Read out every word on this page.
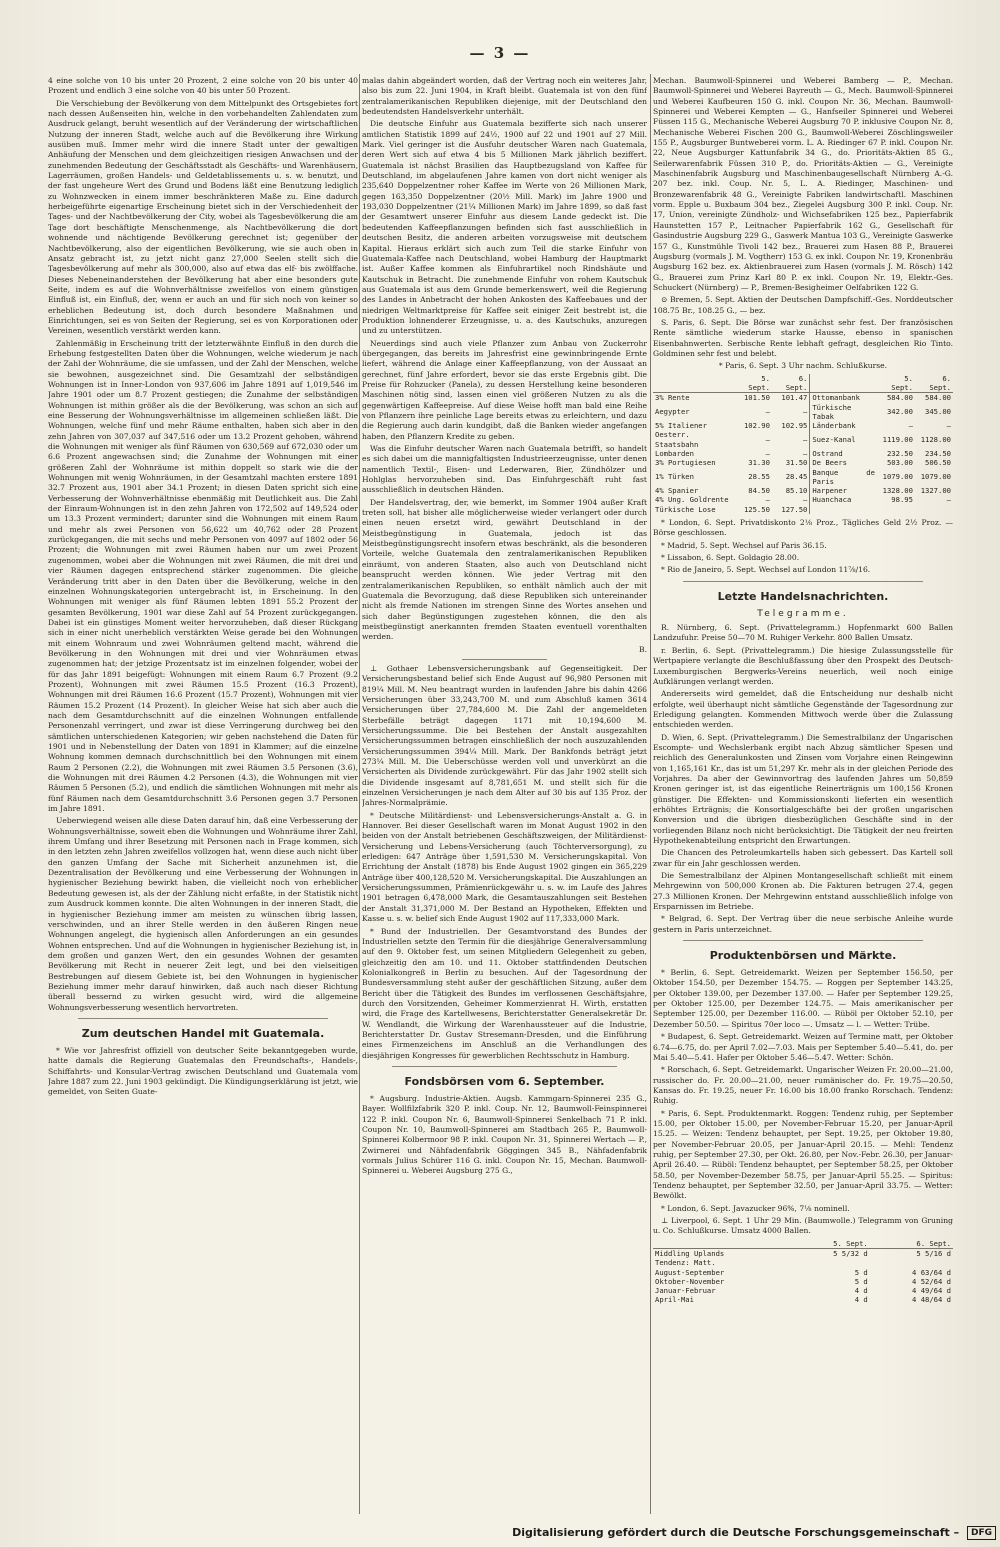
— 3 —

4 eine solche von 10 bis unter 20 Prozent, 2 eine solche von 20 bis unter 40 Prozent und endlich 3 eine solche von 40 bis unter 50 Prozent.

Die Verschiebung der Bevölkerung von dem Mittelpunkt des Ortsgebietes fort nach dessen Außenseiten hin, welche in den vorbehandelten Zahlendaten zum Ausdruck gelangt, beruht wesentlich auf der Veränderung der wirtschaftlichen Nutzung der inneren Stadt, welche auch auf die Bevölkerung ihre Wirkung ausüben muß. Immer mehr wird die innere Stadt unter der gewaltigen Anhäufung der Menschen und dem gleichzeitigen riesigen Anwachsen und der zunehmenden Bedeutung der Geschäftsstadt als Geschäfts- und Warenhäusern, Lagerräumen, großen Handels- und Geldetablissements u. s. w. benutzt, und der fast ungeheure Wert des Grund und Bodens läßt eine Benutzung lediglich zu Wohnzwecken in einem immer beschränkteren Maße zu. Eine dadurch herbeigeführte eigenartige Erscheinung bietet sich in der Verschiedenheit der Tages- und der Nachtbevölkerung der City, wobei als Tagesbevölkerung die am Tage dort beschäftigte Menschenmenge, als Nachtbevölkerung die dort wohnende und nächtigende Bevölkerung gerechnet ist; gegenüber der Nachtbevölkerung, also der eigentlichen Bevölkerung, wie sie auch oben in Ansatz gebracht ist, zu jetzt nicht ganz 27,000 Seelen stellt sich die Tagesbevölkerung auf mehr als 300,000, also auf etwa das elf- bis zwölffache. Dieses Nebeneinanderstehen der Bevölkerung hat aber eine besonders gute Seite, indem es auf die Wohnverhältnisse zweifellos von einem günstigen Einfluß ist, ein Einfluß, der, wenn er auch an und für sich noch von keiner so erheblichen Bedeutung ist, doch durch besondere Maßnahmen und Einrichtungen, sei es von Seiten der Regierung, sei es von Korporationen oder Vereinen, wesentlich verstärkt werden kann.

Zahlenmäßig in Erscheinung tritt der letzterwähnte Einfluß in den durch die Erhebung festgestellten Daten über die Wohnungen, welche wiederum je nach der Zahl der Wohnräume, die sie umfassen, und der Zahl der Menschen, welche sie bewohnen, ausgezeichnet sind. Die Gesamtzahl der selbständigen Wohnungen ist in Inner-London von 937,606 im Jahre 1891 auf 1,019,546 im Jahre 1901 oder um 8.7 Prozent gestiegen; die Zunahme der selbständigen Wohnungen ist mithin größer als die der Bevölkerung, was schon an sich auf eine Besserung der Wohnungsverhältnisse im allgemeinen schließen läßt. Die Wohnungen, welche fünf und mehr Räume enthalten, haben sich aber in den zehn Jahren von 307,037 auf 347,516 oder um 13.2 Prozent gehoben, während die Wohnungen mit weniger als fünf Räumen von 630,569 auf 672,030 oder um 6.6 Prozent angewachsen sind; die Zunahme der Wohnungen mit einer größeren Zahl der Wohnräume ist mithin doppelt so stark wie die der Wohnungen mit wenig Wohnräumen, in der Gesamtzahl machten erstere 1891 32.7 Prozent aus, 1901 aber 34.1 Prozent; in diesen Daten spricht sich eine Verbesserung der Wohnverhältnisse ebenmäßig mit Deutlichkeit aus. Die Zahl der Einraum-Wohnungen ist in den zehn Jahren von 172,502 auf 149,524 oder um 13.3 Prozent vermindert; darunter sind die Wohnungen mit einem Raum und mehr als zwei Personen von 56,622 um 40,762 oder 28 Prozent zurückgegangen, die mit sechs und mehr Personen von 4097 auf 1802 oder 56 Prozent; die Wohnungen mit zwei Räumen haben nur um zwei Prozent zugenommen, wobei aber die Wohnungen mit zwei Räumen, die mit drei und vier Räumen dagegen entsprechend stärker zugenommen. Die gleiche Veränderung tritt aber in den Daten über die Bevölkerung, welche in den einzelnen Wohnungskategorien untergebracht ist, in Erscheinung. In den Wohnungen mit weniger als fünf Räumen lebten 1891 55.2 Prozent der gesamten Bevölkerung, 1901 war diese Zahl auf 54 Prozent zurückgegangen. Dabei ist ein günstiges Moment weiter hervorzuheben, daß dieser Rückgang sich in einer nicht unerheblich verstärkten Weise gerade bei den Wohnungen mit einem Wohnraum und zwei Wohnräumen geltend macht, während die Bevölkerung in den Wohnungen mit drei und vier Wohnräumen etwas zugenommen hat; der jetzige Prozentsatz ist im einzelnen folgender, wobei der für das Jahr 1891 beigefügt: Wohnungen mit einem Raum 6.7 Prozent (9.2 Prozent), Wohnungen mit zwei Räumen 15.5 Prozent (16.3 Prozent), Wohnungen mit drei Räumen 16.6 Prozent (15.7 Prozent), Wohnungen mit vier Räumen 15.2 Prozent (14 Prozent). In gleicher Weise hat sich aber auch die nach dem Gesamtdurchschnitt auf die einzelnen Wohnungen entfallende Personenzahl verringert, und zwar ist diese Verringerung durchweg bei den sämtlichen unterschiedenen Kategorien; wir geben nachstehend die Daten für 1901 und in Nebenstellung der Daten von 1891 in Klammer; auf die einzelne Wohnung kommen demnach durchschnittlich bei den Wohnungen mit einem Raum 2 Personen (2.2), die Wohnungen mit zwei Räumen 3.5 Personen (3.6), die Wohnungen mit drei Räumen 4.2 Personen (4.3), die Wohnungen mit vier Räumen 5 Personen (5.2), und endlich die sämtlichen Wohnungen mit mehr als fünf Räumen nach dem Gesamtdurchschnitt 3.6 Personen gegen 3.7 Personen im Jahre 1891.

Ueberwiegend weisen alle diese Daten darauf hin, daß eine Verbesserung der Wohnungsverhältnisse, soweit eben die Wohnungen und Wohnräume ihrer Zahl, ihrem Umfang und ihrer Besetzung mit Personen nach in Frage kommen, sich in den letzten zehn Jahren zweifellos vollzogen hat, wenn diese auch nicht über den ganzen Umfang der Sache mit Sicherheit anzunehmen ist, die Dezentralisation der Bevölkerung und eine Verbesserung der Wohnungen in hygienischer Beziehung bewirkt haben, die vielleicht noch von erheblicher Bedeutung gewesen ist, als der der Zählung nicht erfaßte, in der Statistik nicht zum Ausdruck kommen konnte. Die alten Wohnungen in der inneren Stadt, die in hygienischer Beziehung immer am meisten zu wünschen übrig lassen, verschwinden, und an ihrer Stelle werden in den äußeren Ringen neue Wohnungen angelegt, die hygienisch allen Anforderungen an ein gesundes Wohnen entsprechen. Und auf die Wohnungen in hygienischer Beziehung ist, in dem großen und ganzen Wert, den ein gesundes Wohnen der gesamten Bevölkerung mit Recht in neuerer Zeit legt, und bei den vielseitigen Bestrebungen auf diesem Gebiete ist, bei den Wohnungen in hygienischer Beziehung immer mehr darauf hinwirken, daß auch nach dieser Richtung überall bessernd zu wirken gesucht wird, wird die allgemeine Wohnungsverbesserung wesentlich hervortreten.

Zum deutschen Handel mit Guatemala.

* Wie vor Jahresfrist offiziell von deutscher Seite bekanntgegeben wurde, hatte damals die Regierung Guatemalas den Freundschafts-, Handels-, Schiffahrts- und Konsular-Vertrag zwischen Deutschland und Guatemala vom Jahre 1887 zum 22. Juni 1903 gekündigt. Die Kündigungserklärung ist jetzt, wie gemeldet, von Seiten Guate-

malas dahin abgeändert worden, daß der Vertrag noch ein weiteres Jahr, also bis zum 22. Juni 1904, in Kraft bleibt. Guatemala ist von den fünf zentralamerikanischen Republiken diejenige, mit der Deutschland den bedeutendsten Handelsverkehr unterhält.

Die deutsche Einfuhr aus Guatemala bezifferte sich nach unserer amtlichen Statistik 1899 auf 24½, 1900 auf 22 und 1901 auf 27 Mill. Mark. Viel geringer ist die Ausfuhr deutscher Waren nach Guatemala, deren Wert sich auf etwa 4 bis 5 Millionen Mark jährlich beziffert. Guatemala ist nächst Brasilien das Hauptbezugsland von Kaffee für Deutschland, im abgelaufenen Jahre kamen von dort nicht weniger als 235,640 Doppelzentner roher Kaffee im Werte von 26 Millionen Mark, gegen 163,350 Doppelzentner (20½ Mill. Mark) im Jahre 1900 und 193,030 Doppelzentner (21¼ Millionen Mark) im Jahre 1899, so daß fast der Gesamtwert unserer Einfuhr aus diesem Lande gedeckt ist. Die bedeutenden Kaffeepflanzungen befinden sich fast ausschließlich in deutschen Besitz, die anderen arbeiten vorzugsweise mit deutschem Kapital. Hieraus erklärt sich auch zum Teil die starke Einfuhr von Guatemala-Kaffee nach Deutschland, wobei Hamburg der Hauptmarkt ist. Außer Kaffee kommen als Einfuhrartikel noch Rindshäute und Kautschuk in Betracht. Die zunehmende Einfuhr von rohem Kautschuk aus Guatemala ist aus dem Grunde bemerkenswert, weil die Regierung des Landes in Anbetracht der hohen Ankosten des Kaffeebaues und der niedrigen Weltmarktpreise für Kaffee seit einiger Zeit bestrebt ist, die Produktion lohnenderer Erzeugnisse, u. a. des Kautschuks, anzuregen und zu unterstützen.

Neuerdings sind auch viele Pflanzer zum Anbau von Zuckerrohr übergegangen, das bereits im Jahresfrist eine gewinnbringende Ernte liefert, während die Anlage einer Kaffeepflanzung, von der Aussaat an gerechnet, fünf Jahre erfordert, bevor sie das erste Ergebnis gibt. Die Preise für Rohzucker (Panela), zu dessen Herstellung keine besonderen Maschinen nötig sind, lassen einen viel größeren Nutzen zu als die gegenwärtigen Kaffeepreise. Auf diese Weise hofft man bald eine Reihe von Pflanzern ihre peinliche Lage bereits etwas zu erleichtern, und dazu die Regierung auch darin kundgibt, daß die Banken wieder angefangen haben, den Pflanzern Kredite zu geben.

Was die Einfuhr deutscher Waren nach Guatemala betrifft, so handelt es sich dabei um die mannigfaltigsten Industrieerzeugnisse, unter denen namentlich Textil-, Eisen- und Lederwaren, Bier, Zündhölzer und Hohlglas hervorzuheben sind. Das Einfuhrgeschäft ruht fast ausschließlich in deutschen Händen.

Der Handelsvertrag, der, wie bemerkt, im Sommer 1904 außer Kraft treten soll, hat bisher alle möglicherweise wieder verlangert oder durch einen neuen ersetzt wird, gewährt Deutschland in der Meistbegünstigung in Guatemala, jedoch ist das Meistbegünstigungsrecht insofern etwas beschränkt, als die besonderen Vorteile, welche Guatemala den zentralamerikanischen Republiken einräumt, von anderen Staaten, also auch von Deutschland nicht beansprucht werden können. Wie jeder Vertrag mit den zentralamerikanischen Republiken, so enthält nämlich auch der mit Guatemala die Bevorzugung, daß diese Republiken sich untereinander nicht als fremde Nationen im strengen Sinne des Wortes ansehen und sich daher Begünstigungen zugestehen können, die den als meistbegünstigt anerkannten fremden Staaten eventuell vorenthalten werden.

B.

⊥ Gothaer Lebensversicherungsbank auf Gegenseitigkeit. Der Versicherungsbestand belief sich Ende August auf 96,980 Personen mit 819¼ Mill. M. Neu beantragt wurden in laufenden Jahre bis dahin 4266 Versicherungen über 33,243,700 M. und zum Abschluß kamen 3614 Versicherungen über 27,784,600 M. Die Zahl der angemeldeten Sterbefälle beträgt dagegen 1171 mit 10,194,600 M. Versicherungssumme. Die bei Bestehen der Anstalt ausgezahlten Versicherungssummen betragen einschließlich der noch auszuzahlenden Versicherungssummen 394¼ Mill. Mark. Der Bankfonds beträgt jetzt 273¼ Mill. M. Die Ueberschüsse werden voll und unverkürzt an die Versicherten als Dividende zurückgewährt. Für das Jahr 1902 stellt sich die Dividende insgesamt auf 8,781,651 M. und stellt sich für die einzelnen Versicherungen je nach dem Alter auf 30 bis auf 135 Proz. der Jahres-Normalprämie.

* Deutsche Militärdienst- und Lebensversicherungs-Anstalt a. G. in Hannover. Bei dieser Gesellschaft waren im Monat August 1902 in den beiden von der Anstalt betriebenen Geschäftszweigen, der Militärdienst-Versicherung und Lebens-Versicherung (auch Töchterversorgung), zu erledigen: 647 Anträge über 1,591,530 M. Versicherungskapital. Von Errichtung der Anstalt (1878) bis Ende August 1902 gingen ein 365,229 Anträge über 400,128,520 M. Versicherungskapital. Die Auszahlungen an Versicherungssummen, Prämienrückgewähr u. s. w. im Laufe des Jahres 1901 betragen 6,478,000 Mark, die Gesamtauszahlungen seit Bestehen der Anstalt 31,371,000 M. Der Bestand an Hypotheken, Effekten und Kasse u. s. w. belief sich Ende August 1902 auf 117,333,000 Mark.

* Bund der Industriellen. Der Gesamtvorstand des Bundes der Industriellen setzte den Termin für die diesjährige Generalversammlung auf den 9. Oktober fest, um seinen Mitgliedern Gelegenheit zu geben, gleichzeitig den am 10. und 11. Oktober stattfindenden Deutschen Kolonialkongreß in Berlin zu besuchen. Auf der Tagesordnung der Bundesversammlung steht außer der geschäftlichen Sitzung, außer dem Bericht über die Tätigkeit des Bundes im verflossenen Geschäftsjahre, durch den Vorsitzenden, Geheimer Kommerzienrat H. Wirth, erstatten wird, die Frage des Kartellwesens, Berichterstatter Generalsekretär Dr. W. Wendlandt, die Wirkung der Warenhaussteuer auf die Industrie, Berichterstatter Dr. Gustav Stresemann-Dresden, und die Einführung eines Firmenzeichens im Anschluß an die Verhandlungen des diesjährigen Kongresses für gewerblichen Rechtsschutz in Hamburg.

Fondsbörsen vom 6. September.

* Augsburg. Industrie-Aktien. Augsb. Kammgarn-Spinnerei 235 G., Bayer. Wollfilzfabrik 320 P. inkl. Coup. Nr. 12, Baumwoll-Feinspinnerei 122 P. inkl. Coupon Nr. 6, Baumwoll-Spinnerei Senkelbach 71 P. inkl. Coupon Nr. 10, Baumwoll-Spinnerei am Stadtbach 265 P., Baumwoll-Spinnerei Kolbermoor 98 P. inkl. Coupon Nr. 31, Spinnerei Wertach — P., Zwirnerei und Nähfadenfabrik Göggingen 345 B., Nähfadenfabrik vormals Julius Schürer 116 G. inkl. Coupon Nr. 15, Mechan. Baumwoll-Spinnerei u. Weberei Augsburg 275 G.,

Mechan. Baumwoll-Spinnerei und Weberei Bamberg — P., Mechan. Baumwoll-Spinnerei und Weberei Bayreuth — G., Mech. Baumwoll-Spinnerei und Weberei Kaufbeuren 150 G. inkl. Coupon Nr. 36, Mechan. Baumwoll-Spinnerei und Weberei Kempten — G., Hanfseiler Spinnerei und Weberei Füssen 115 G., Mechanische Weberei Augsburg 70 P. inklusive Coupon Nr. 8, Mechanische Weberei Fischen 200 G., Baumwoll-Weberei Zöschlingsweiler 155 P., Augsburger Buntweberei vorm. L. A. Riedinger 67 P. inkl. Coupon Nr. 22, Neue Augsburger Kattunfabrik 34 G., do. Prioritäts-Aktien 85 G., Seilerwarenfabrik Füssen 310 P., do. Prioritäts-Aktien — G., Vereinigte Maschinenfabrik Augsburg und Maschinenbaugesellschaft Nürnberg A.-G. 207 bez. inkl. Coup. Nr. 5, L. A. Riedinger, Maschinen- und Bronzewarenfabrik 48 G., Vereinigte Fabriken landwirtschaftl. Maschinen vorm. Epple u. Buxbaum 304 bez., Ziegelei Augsburg 300 P. inkl. Coup. Nr. 17, Union, vereinigte Zündholz- und Wichsefabriken 125 bez., Papierfabrik Haunstetten 157 P., Leitnacher Papierfabrik 162 G., Gesellschaft für Gasindustrie Augsburg 229 G., Gaswerk Mantua 103 G., Vereinigte Gaswerke 157 G., Kunstmühle Tivoli 142 bez., Brauerei zum Hasen 88 P., Brauerei Augsburg (vormals J. M. Vogtherr) 153 G. ex inkl. Coupon Nr. 19, Kronenbräu Augsburg 162 bez. ex. Aktienbrauerei zum Hasen (vormals J. M. Rösch) 142 G., Brauerei zum Prinz Karl 80 P. ex inkl. Coupon Nr. 19, Elektr.-Ges. Schuckert (Nürnberg) — P., Bremen-Besigheimer Oelfabriken 122 G.

⊙ Bremen, 5. Sept. Aktien der Deutschen Dampfschiff.-Ges. Norddeutscher 108.75 Br., 108.25 G., — bez.

S. Paris, 6. Sept. Die Börse war zunächst sehr fest. Der französischen Rente sämtliche wiederum starke Hausse, ebenso in spanischen Eisenbahnwerten. Serbische Rente lebhaft gefragt, desgleichen Rio Tinto. Goldminen sehr fest und belebt.

* Paris, 6. Sept. 3 Uhr nachm. Schlußkurse.

	5. Sept.	6. Sept.		5. Sept.	6. Sept.
3% Rente	101.50	101.47	Ottomanbank	584.00	584.00
Aegypter	—	—	Türkische Tabak	342.00	345.00
5% Italiener	102.90	102.95	Länderbank	—	—
Oesterr. Staatsbahn	—	—	Suez-Kanal	1119.00	1128.00
Lombarden	—	—	Ostrand	232.50	234.50
3% Portugiesen	31.30	31.50	De Beers	503.00	506.50
1% Türken	28.55	28.45	Banque de Paris	1079.00	1079.00
4% Spanier	84.50	85.10	Harpener	1328.00	1327.00
4% Ung. Goldrente	—	—	Huanchaca	98.95	—
Türkische Lose	125.50	127.50			

* London, 6. Sept. Privatdiskonto 2⅛ Proz., Tägliches Geld 2½ Proz. — Börse geschlossen.

* Madrid, 5. Sept. Wechsel auf Paris 36.15.

* Lissabon, 6. Sept. Goldagio 28.00.

* Rio de Janeiro, 5. Sept. Wechsel auf London 11⅞/16.

Letzte Handelsnachrichten.
Telegramme.

R. Nürnberg, 6. Sept. (Privattelegramm.) Hopfenmarkt 600 Ballen Landzufuhr. Preise 50—70 M. Ruhiger Verkehr. 800 Ballen Umsatz.

r. Berlin, 6. Sept. (Privattelegramm.) Die hiesige Zulassungsstelle für Wertpapiere verlangte die Beschlußfassung über den Prospekt des Deutsch-Luxemburgischen Bergwerks-Vereins neuerlich, weil noch einige Aufklärungen verlangt werden.

Andererseits wird gemeldet, daß die Entscheidung nur deshalb nicht erfolgte, weil überhaupt nicht sämtliche Gegenstände der Tagesordnung zur Erledigung gelangten. Kommenden Mittwoch werde über die Zulassung entschieden werden.

D. Wien, 6. Sept. (Privattelegramm.) Die Semestralbilanz der Ungarischen Escompte- und Wechslerbank ergibt nach Abzug sämtlicher Spesen und reichlich des Generalunkosten und Zinsen vom Vorjahre einen Reingewinn von 1,165,161 Kr., das ist um 51,297 Kr. mehr als in der gleichen Periode des Vorjahres. Da aber der Gewinnvortrag des laufenden Jahres um 50,859 Kronen geringer ist, ist das eigentliche Reinerträgnis um 100,156 Kronen günstiger. Die Effekten- und Kommissionskonti lieferten ein wesentlich erhöhtes Erträgnis; die Konsortialgeschäfte bei der großen ungarischen Konversion und die übrigen diesbezüglichen Geschäfte sind in der vorliegenden Bilanz noch nicht berücksichtigt. Die Tätigkeit der neu freirten Hypothekenabteilung entspricht den Erwartungen.

Die Chancen des Petroleumkartells haben sich gebessert. Das Kartell soll zwar für ein Jahr geschlossen werden.

Die Semestralbilanz der Alpinen Montangesellschaft schließt mit einem Mehrgewinn von 500,000 Kronen ab. Die Fakturen betrugen 27.4, gegen 27.3 Millionen Kronen. Der Mehrgewinn entstand ausschließlich infolge von Ersparnissen im Betriebe.

* Belgrad, 6. Sept. Der Vertrag über die neue serbische Anleihe wurde gestern in Paris unterzeichnet.

Produktenbörsen und Märkte.

* Berlin, 6. Sept. Getreidemarkt. Weizen per September 156.50, per Oktober 154.50, per Dezember 154.75. — Roggen per September 143.25, per Oktober 139.00, per Dezember 137.00. — Hafer per September 129.25, per Oktober 125.00, per Dezember 124.75. — Mais amerikanischer per September 125.00, per Dezember 116.00. — Rüböl per Oktober 52.10, per Dezember 50.50. — Spiritus 70er loco —. Umsatz — l. — Wetter: Trübe.

* Budapest, 6. Sept. Getreidemarkt. Weizen auf Termine matt, per Oktober 6.74—6.75, do. per April 7.02—7.03. Mais per September 5.40—5.41, do. per Mai 5.40—5.41. Hafer per Oktober 5.46—5.47. Wetter: Schön.

* Rorschach, 6. Sept. Getreidemarkt. Ungarischer Weizen Fr. 20.00—21.00, russischer do. Fr. 20.00—21.00, neuer rumänischer do. Fr. 19.75—20.50, Kansas do. Fr. 19.25, neuer Fr. 16.00 bis 18.00 franko Rorschach. Tendenz: Ruhig.

* Paris, 6. Sept. Produktenmarkt. Roggen: Tendenz ruhig, per September 15.00, per Oktober 15.00, per November-Februar 15.20, per Januar-April 15.25. — Weizen: Tendenz behauptet, per Sept. 19.25, per Oktober 19.80, per November-Februar 20.05, per Januar-April 20.15. — Mehl: Tendenz ruhig, per September 27.30, per Okt. 26.80, per Nov.-Febr. 26.30, per Januar-April 26.40. — Rüböl: Tendenz behauptet, per September 58.25, per Oktober 58.50, per November-Dezember 58.75, per Januar-April 55.25. — Spiritus: Tendenz behauptet, per September 32.50, per Januar-April 33.75. — Wetter: Bewölkt.

* London, 6. Sept. Javazucker 96%, 7⅛ nominell.

⊥ Liverpool, 6. Sept. 1 Uhr 29 Min. (Baumwolle.) Telegramm von Gruning u. Co. Schlußkurse. Umsatz 4000 Ballen.

	5. Sept.	6. Sept.
Middling Uplands	5 5/32 d	5 5/16 d
Tendenz: Matt.		
August-September	5 d	4 63/64 d
Oktober-November	5 d	4 52/64 d
Januar-Februar	4 d	4 49/64 d
April-Mai	4 d	4 48/64 d
Digitalisierung gefördert durch die Deutsche Forschungsgemeinschaft – DFG
